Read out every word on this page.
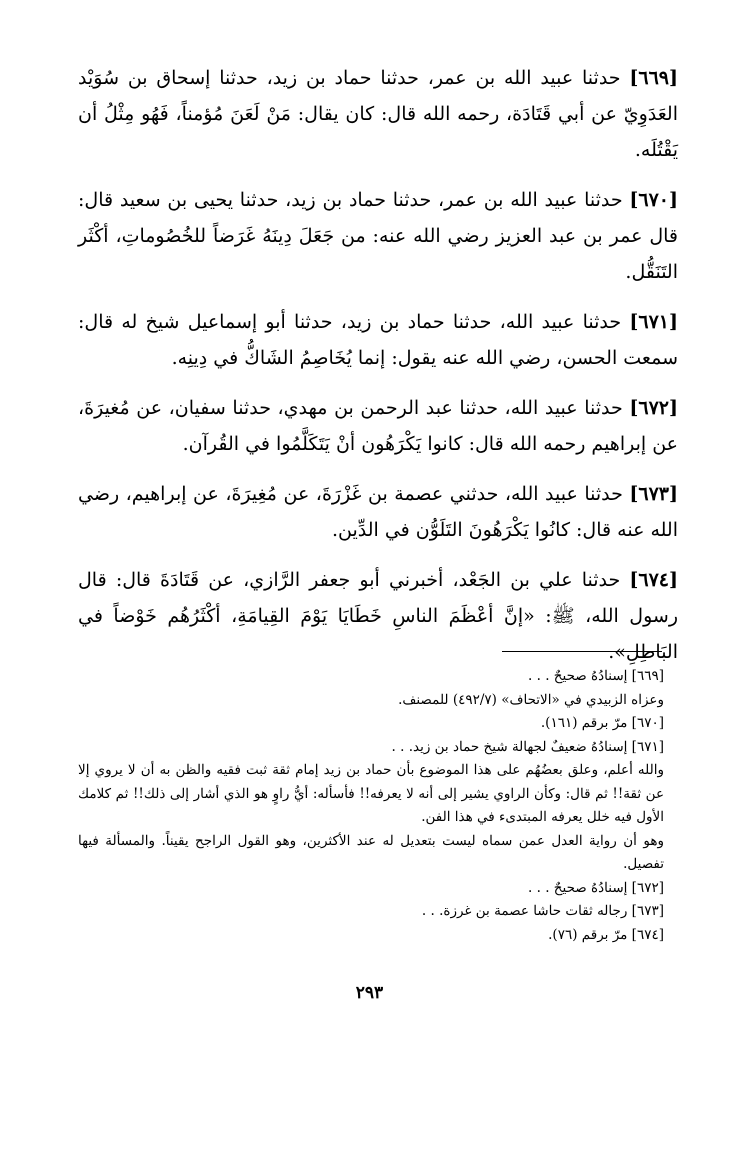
[٦٦٩] حدثنا عبيد الله بن عمر، حدثنا حماد بن زيد، حدثنا إسحاق بن سُوَيْد العَدَوِيّ عن أبي قَتَادَة، رحمه الله قال: كان يقال: مَنْ لَعَنَ مُؤمناً، فَهُو مِثْلُ أن يَقْتُلَه.

[٦٧٠] حدثنا عبيد الله بن عمر، حدثنا حماد بن زيد، حدثنا يحيى بن سعيد قال: قال عمر بن عبد العزيز رضي الله عنه: من جَعَلَ دِينَهُ غَرَضاً للخُصُوماتِ، أكْثَر التَنَقُّل.

[٦٧١] حدثنا عبيد الله، حدثنا حماد بن زيد، حدثنا أبو إسماعيل شيخ له قال: سمعت الحسن، رضي الله عنه يقول: إنما يُخَاصِمُ الشَاكُّ في دِينِه.

[٦٧٢] حدثنا عبيد الله، حدثنا عبد الرحمن بن مهدي، حدثنا سفيان، عن مُغيرَةَ، عن إبراهيم رحمه الله قال: كانوا يَكْرَهُون أنْ يَتَكَلَّمُوا في القُرآن.

[٦٧٣] حدثنا عبيد الله، حدثني عصمة بن غَزْرَةَ، عن مُغِيرَةَ، عن إبراهيم، رضي الله عنه قال: كانُوا يَكْرَهُونَ التَلَوُّن في الدِّين.

[٦٧٤] حدثنا علي بن الجَعْد، أخبرني أبو جعفر الرَّازي، عن قَتَادَةَ قال: قال رسول الله، ﷺ: «إنَّ أعْظَمَ الناسِ خَطَايَا يَوْمَ القِيامَةِ، أكْثَرُهُم خَوْضاً في البَاطِلِ».

[٦٦٩] إسنادُهُ صحيحٌ . . .

وعزاه الزبيدي في «الاتحاف» (٤٩٢/٧) للمصنف.

[٦٧٠] مرّ برقم (١٦١).

[٦٧١] إسنادُهُ ضعيفٌ لجهالة شيخ حماد بن زيد. . .

والله أعلم، وعلق بعضُهُم على هذا الموضوع بأن حماد بن زيد إمام ثقة ثبت فقيه والظن به أن لا يروي إلا عن ثقة!! ثم قال: وكأن الراوي يشير إلى أنه لا يعرفه!! فأسأله: أيُّ راوٍ هو الذي أشار إلى ذلك!! ثم كلامك الأول فيه خلل يعرفه المبتدىء في هذا الفن.

وهو أن رواية العدل عمن سماه ليست بتعديل له عند الأكثرين، وهو القول الراجح يقيناً. والمسألة فيها تفصيل.

[٦٧٢] إسنادُهُ صحيحٌ . . .

[٦٧٣] رجاله ثقات حاشا عصمة بن غرزة. . .

[٦٧٤] مرّ برقم (٧٦).

٢٩٣
